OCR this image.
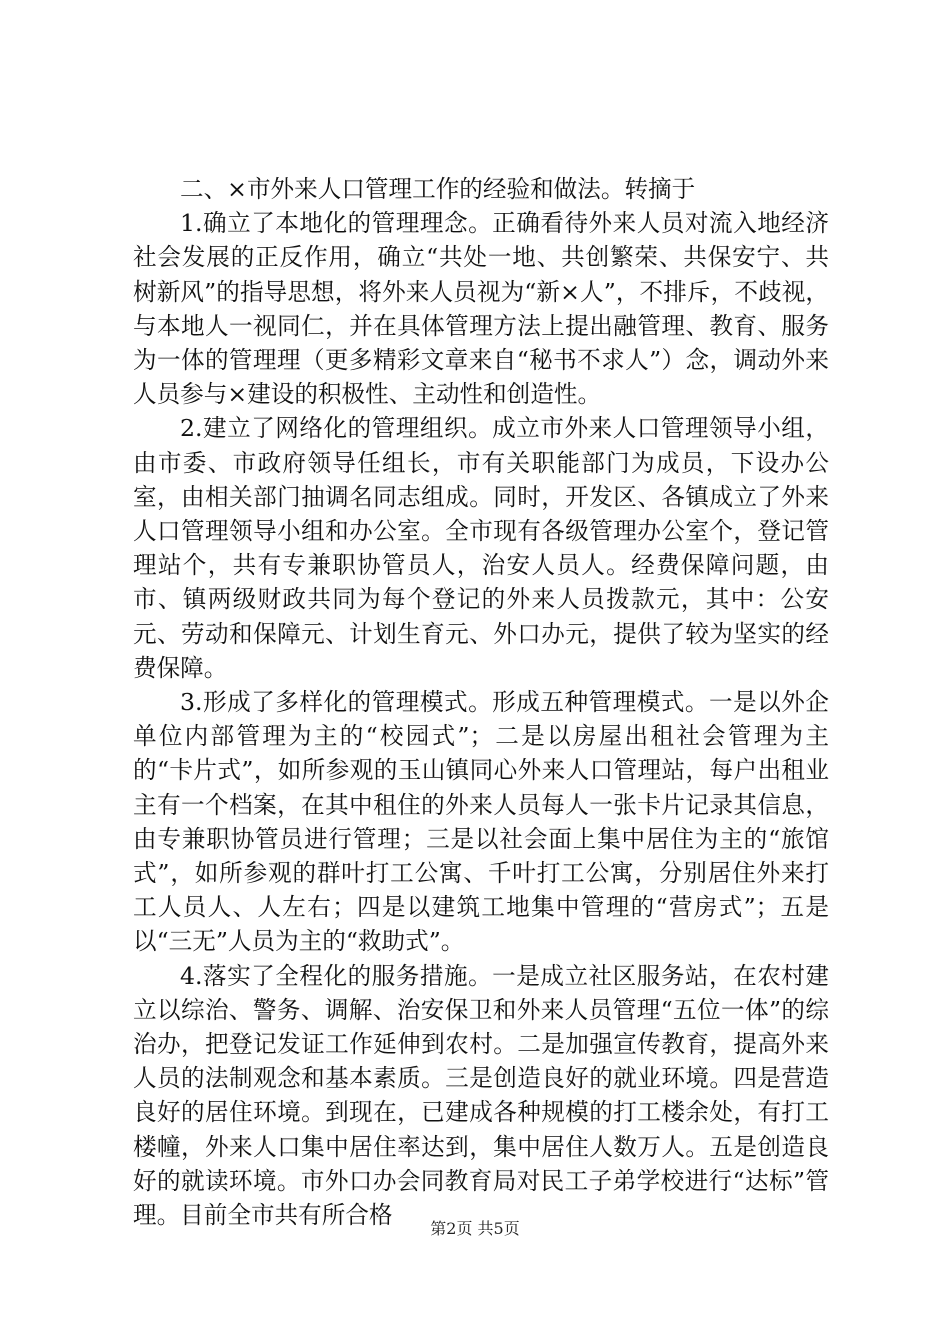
二、×市外来人口管理工作的经验和做法。转摘于

1.确立了本地化的管理理念。正确看待外来人员对流入地经济社会发展的正反作用，确立“共处一地、共创繁荣、共保安宁、共树新风”的指导思想，将外来人员视为“新×人”，不排斥，不歧视，与本地人一视同仁，并在具体管理方法上提出融管理、教育、服务为一体的管理理（更多精彩文章来自“秘书不求人”）念，调动外来人员参与×建设的积极性、主动性和创造性。

2.建立了网络化的管理组织。成立市外来人口管理领导小组，由市委、市政府领导任组长，市有关职能部门为成员，下设办公室，由相关部门抽调名同志组成。同时，开发区、各镇成立了外来人口管理领导小组和办公室。全市现有各级管理办公室个，登记管理站个，共有专兼职协管员人，治安人员人。经费保障问题，由市、镇两级财政共同为每个登记的外来人员拨款元，其中：公安元、劳动和保障元、计划生育元、外口办元，提供了较为坚实的经费保障。

3.形成了多样化的管理模式。形成五种管理模式。一是以外企单位内部管理为主的“校园式”；二是以房屋出租社会管理为主的“卡片式”，如所参观的玉山镇同心外来人口管理站，每户出租业主有一个档案，在其中租住的外来人员每人一张卡片记录其信息，由专兼职协管员进行管理；三是以社会面上集中居住为主的“旅馆式”，如所参观的群叶打工公寓、千叶打工公寓，分别居住外来打工人员人、人左右；四是以建筑工地集中管理的“营房式”；五是以“三无”人员为主的“救助式”。

4.落实了全程化的服务措施。一是成立社区服务站，在农村建立以综治、警务、调解、治安保卫和外来人员管理“五位一体”的综治办，把登记发证工作延伸到农村。二是加强宣传教育，提高外来人员的法制观念和基本素质。三是创造良好的就业环境。四是营造良好的居住环境。到现在，已建成各种规模的打工楼余处，有打工楼幢，外来人口集中居住率达到，集中居住人数万人。五是创造良好的就读环境。市外口办会同教育局对民工子弟学校进行“达标”管理。目前全市共有所合格	第2页 共5页
